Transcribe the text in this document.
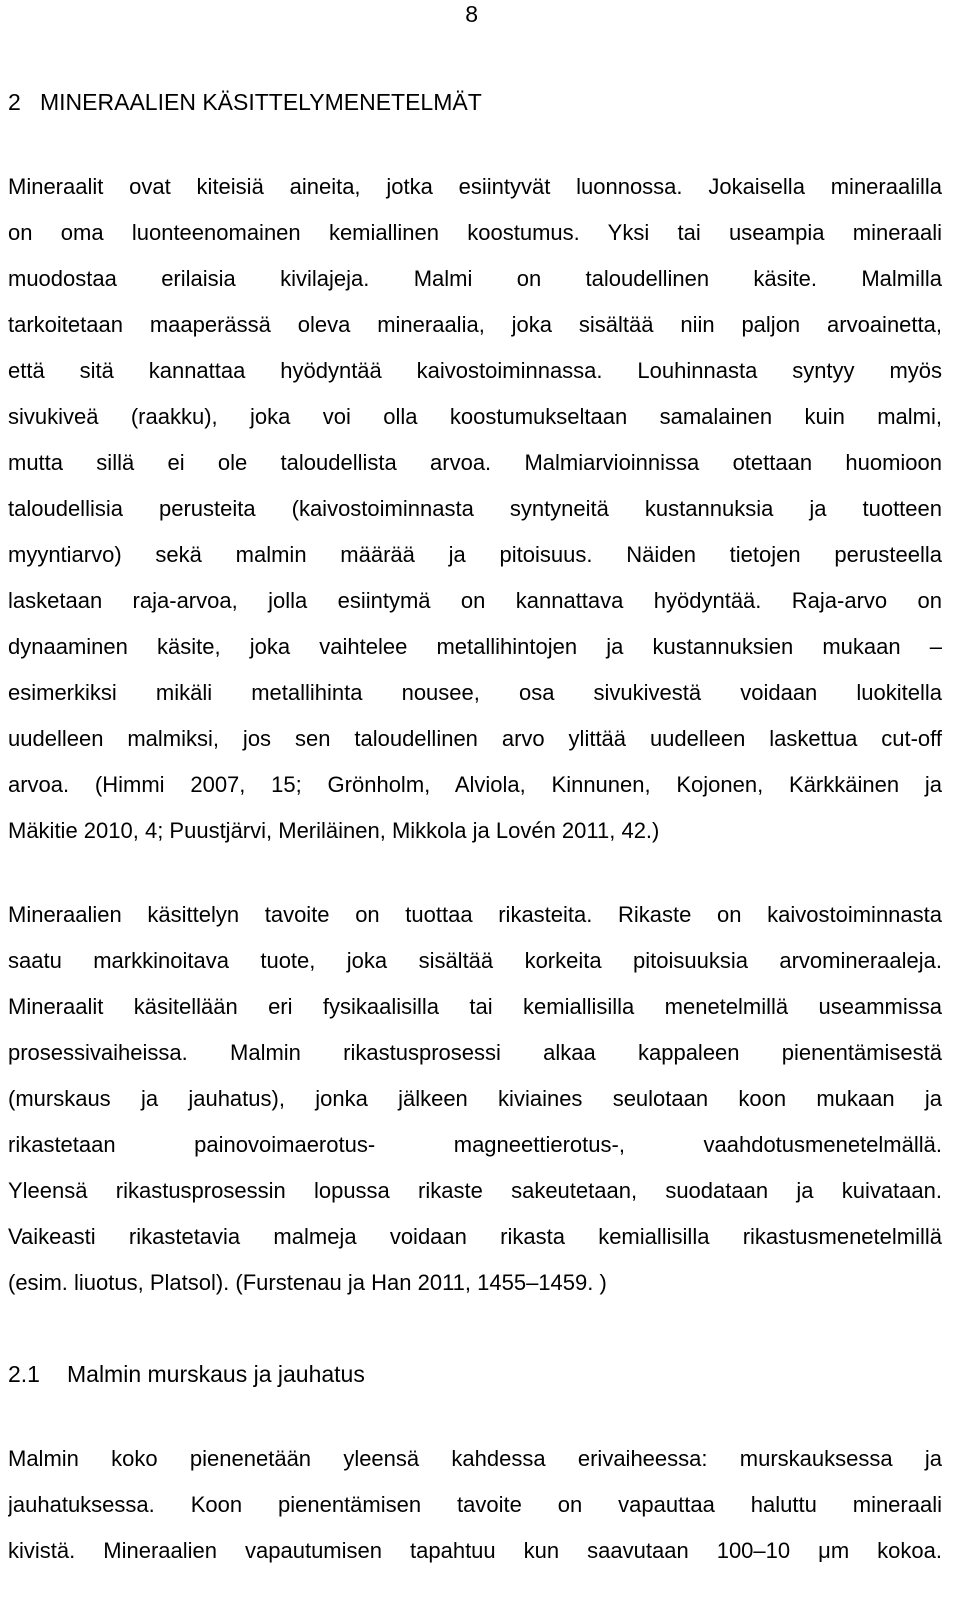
8
2 MINERAALIEN KÄSITTELYMENETELMÄT
Mineraalit ovat kiteisiä aineita, jotka esiintyvät luonnossa. Jokaisella mineraalilla
on oma luonteenomainen kemiallinen koostumus. Yksi tai useampia mineraali
muodostaa erilaisia kivilajeja. Malmi on taloudellinen käsite. Malmilla
tarkoitetaan maaperässä oleva mineraalia, joka sisältää niin paljon arvoainetta,
että sitä kannattaa hyödyntää kaivostoiminnassa. Louhinnasta syntyy myös
sivukiveä (raakku), joka voi olla koostumukseltaan samalainen kuin malmi,
mutta sillä ei ole taloudellista arvoa. Malmiarvioinnissa otettaan huomioon
taloudellisia perusteita (kaivostoiminnasta syntyneitä kustannuksia ja tuotteen
myyntiarvo) sekä malmin määrää ja pitoisuus. Näiden tietojen perusteella
lasketaan raja-arvoa, jolla esiintymä on kannattava hyödyntää. Raja-arvo on
dynaaminen käsite, joka vaihtelee metallihintojen ja kustannuksien mukaan –
esimerkiksi mikäli metallihinta nousee, osa sivukivestä voidaan luokitella
uudelleen malmiksi, jos sen taloudellinen arvo ylittää uudelleen laskettua cut-off
arvoa. (Himmi 2007, 15; Grönholm, Alviola, Kinnunen, Kojonen, Kärkkäinen ja
Mäkitie 2010, 4; Puustjärvi, Meriläinen, Mikkola ja Lovén 2011, 42.)
Mineraalien käsittelyn tavoite on tuottaa rikasteita. Rikaste on kaivostoiminnasta
saatu markkinoitava tuote, joka sisältää korkeita pitoisuuksia arvomineraaleja.
Mineraalit käsitellään eri fysikaalisilla tai kemiallisilla menetelmillä useammissa
prosessivaiheissa. Malmin rikastusprosessi alkaa kappaleen pienentämisestä
(murskaus ja jauhatus), jonka jälkeen kiviaines seulotaan koon mukaan ja
rikastetaan painovoimaerotus- magneettierotus-, vaahdotusmenetelmällä.
Yleensä rikastusprosessin lopussa rikaste sakeutetaan, suodataan ja kuivataan.
Vaikeasti rikastetavia malmeja voidaan rikasta kemiallisilla rikastusmenetelmillä
(esim. liuotus, Platsol). (Furstenau ja Han 2011, 1455–1459. )
2.1 Malmin murskaus ja jauhatus
Malmin koko pienenetään yleensä kahdessa erivaiheessa: murskauksessa ja
jauhatuksessa. Koon pienentämisen tavoite on vapauttaa haluttu mineraali
kivistä. Mineraalien vapautumisen tapahtuu kun saavutaan 100–10 μm kokoa.
